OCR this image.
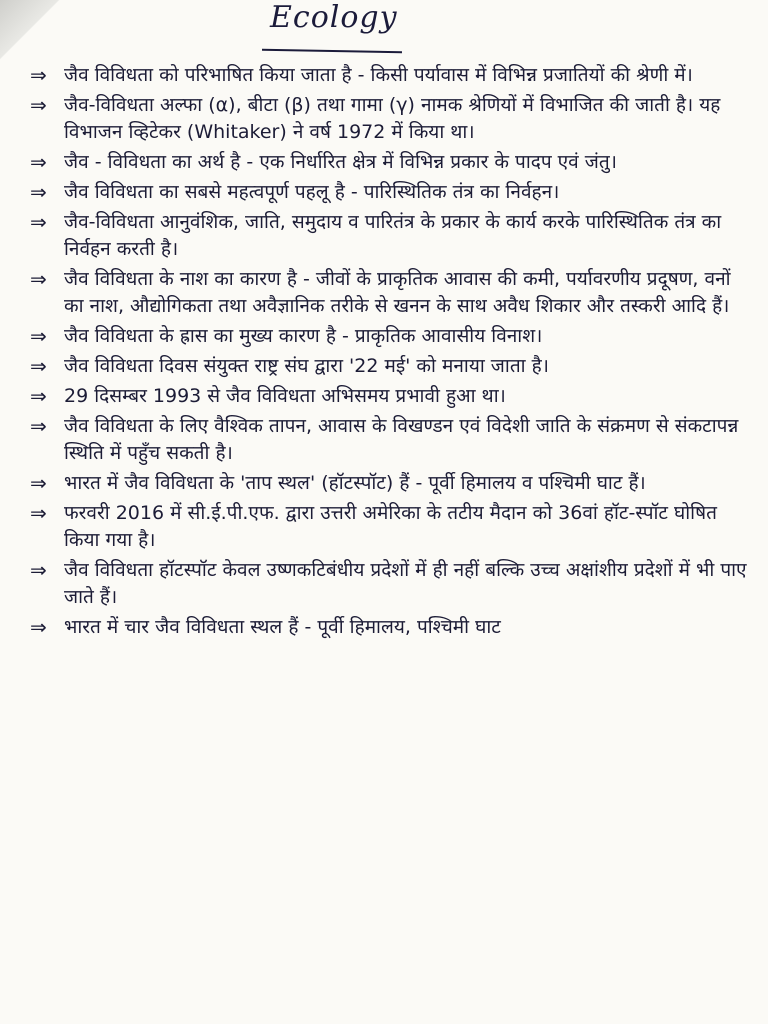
Ecology
⇒ जैव विविधता को परिभाषित किया जाता है - किसी पर्यावास में विभिन्न प्रजातियों की श्रेणी में।
⇒ जैव-विविधता अल्फा (α), बीटा (β) तथा गामा (γ) नामक श्रेणियों में विभाजित की जाती है। यह विभाजन व्हिटेकर (Whitaker) ने वर्ष 1972 में किया था।
⇒ जैव - विविधता का अर्थ है - एक निर्धारित क्षेत्र में विभिन्न प्रकार के पादप एवं जंतु।
⇒ जैव विविधता का सबसे महत्वपूर्ण पहलू है - पारिस्थितिक तंत्र का निर्वहन।
⇒ जैव-विविधता आनुवंशिक, जाति, समुदाय व पारितंत्र के प्रकार के कार्य करके पारिस्थितिक तंत्र का निर्वहन करती है।
⇒ जैव विविधता के नाश का कारण है - जीवों के प्राकृतिक आवास की कमी, पर्यावरणीय प्रदूषण, वनों का नाश, औद्योगिकता तथा अवैज्ञानिक तरीके से खनन के साथ अवैध शिकार और तस्करी आदि हैं।
⇒ जैव विविधता के ह्रास का मुख्य कारण है - प्राकृतिक आवासीय विनाश।
⇒ जैव विविधता दिवस संयुक्त राष्ट्र संघ द्वारा '22 मई' को मनाया जाता है।
⇒ 29 दिसम्बर 1993 से जैव विविधता अभिसमय प्रभावी हुआ था।
⇒ जैव विविधता के लिए वैश्विक तापन, आवास के विखण्डन एवं विदेशी जाति के संक्रमण से संकटापन्न स्थिति में पहुँच सकती है।
⇒ भारत में जैव विविधता के 'ताप स्थल' (हॉटस्पॉट) हैं - पूर्वी हिमालय व पश्चिमी घाट हैं।
⇒ फरवरी 2016 में सी.ई.पी.एफ. द्वारा उत्तरी अमेरिका के तटीय मैदान को 36वां हॉट-स्पॉट घोषित किया गया है।
⇒ जैव विविधता हॉटस्पॉट केवल उष्णकटिबंधीय प्रदेशों में ही नहीं बल्कि उच्च अक्षांशीय प्रदेशों में भी पाए जाते हैं।
⇒ भारत में चार जैव विविधता स्थल हैं - पूर्वी हिमालय, पश्चिमी घाट
